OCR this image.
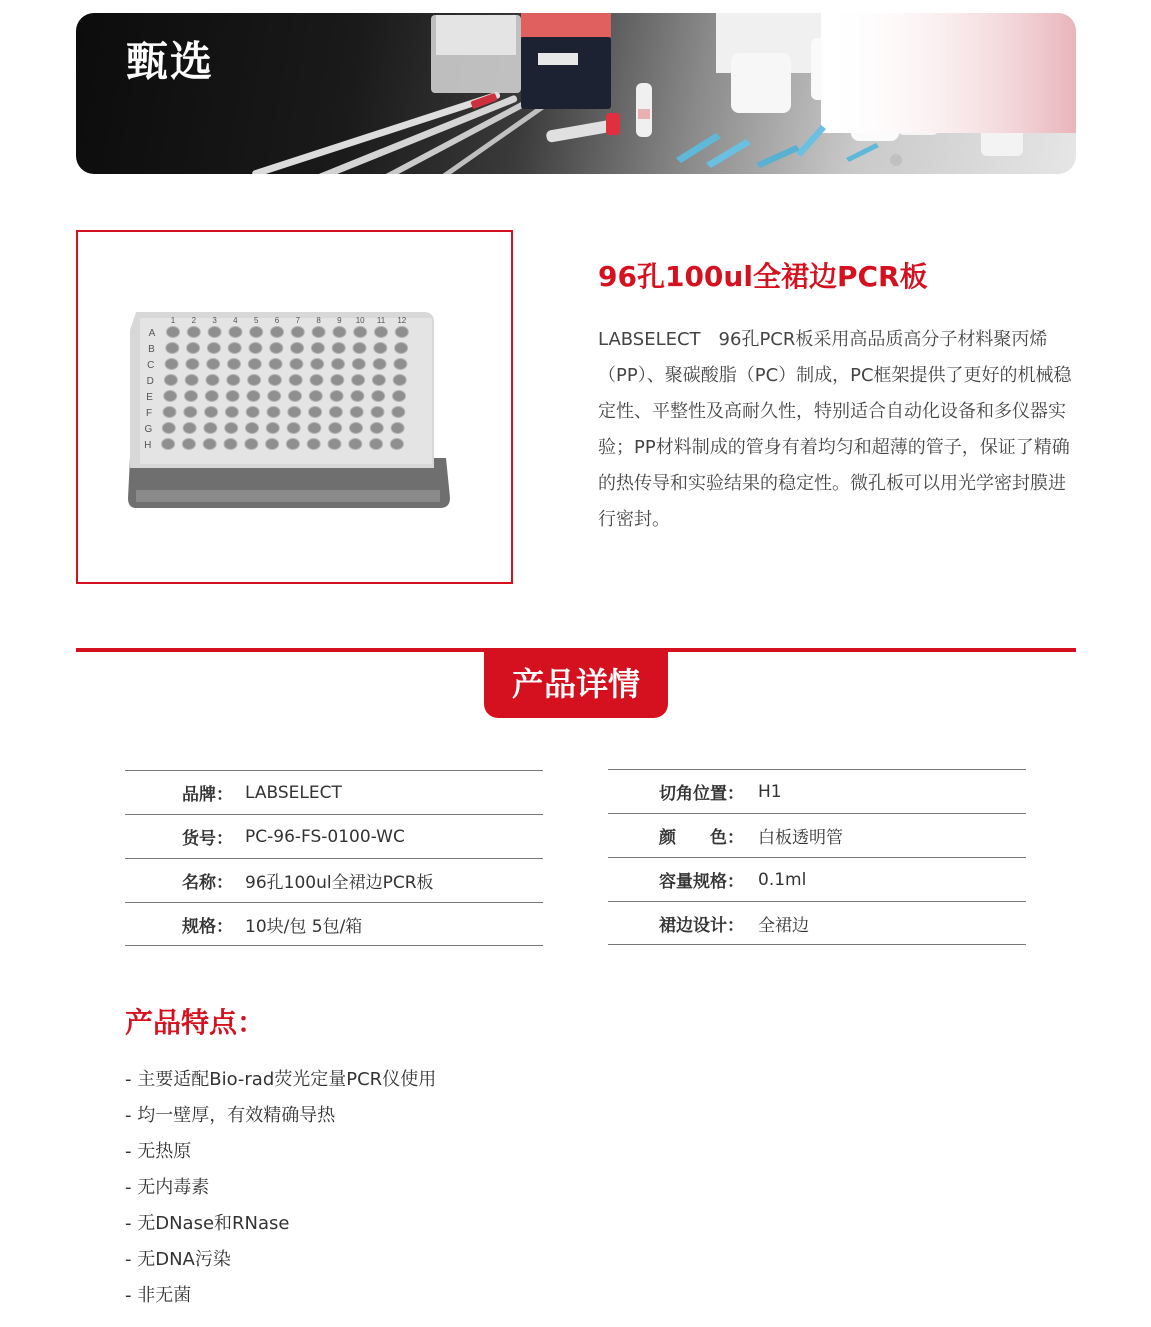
甄选
1 2 3 4 5 6 7 8 9 10 11 12
A
B
C
D
E
F
G
H
96孔100ul全裙边PCR板
LABSELECT　96孔PCR板采用高品质高分子材料聚丙烯（PP）、聚碳酸脂（PC）制成，PC框架提供了更好的机械稳定性、平整性及高耐久性，特别适合自动化设备和多仪器实验；PP材料制成的管身有着均匀和超薄的管子，保证了精确的热传导和实验结果的稳定性。微孔板可以用光学密封膜进行密封。
产品详情
品牌： LABSELECT
货号： PC-96-FS-0100-WC
名称： 96孔100ul全裙边PCR板
规格： 10块/包 5包/箱
切角位置： H1
颜　　色： 白板透明管
容量规格： 0.1ml
裙边设计： 全裙边
产品特点：
- 主要适配Bio-rad荧光定量PCR仪使用
- 均一壁厚，有效精确导热
- 无热原
- 无内毒素
- 无DNase和RNase
- 无DNA污染
- 非无菌
